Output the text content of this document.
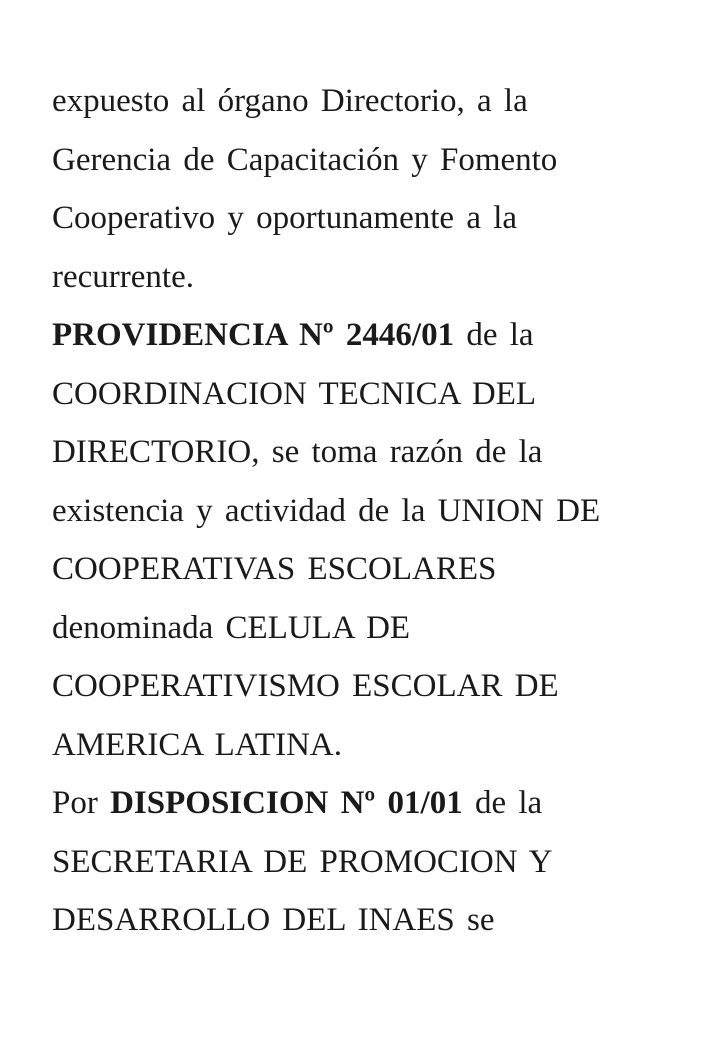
expuesto al órgano Directorio, a la
Gerencia de Capacitación y Fomento
Cooperativo y oportunamente a la
recurrente.
PROVIDENCIA Nº 2446/01 de la
COORDINACION TECNICA DEL
DIRECTORIO, se toma razón de la
existencia y actividad de la UNION DE
COOPERATIVAS ESCOLARES
denominada CELULA DE
COOPERATIVISMO ESCOLAR DE
AMERICA LATINA.
Por DISPOSICION Nº 01/01 de la
SECRETARIA DE PROMOCION Y
DESARROLLO DEL INAES se
